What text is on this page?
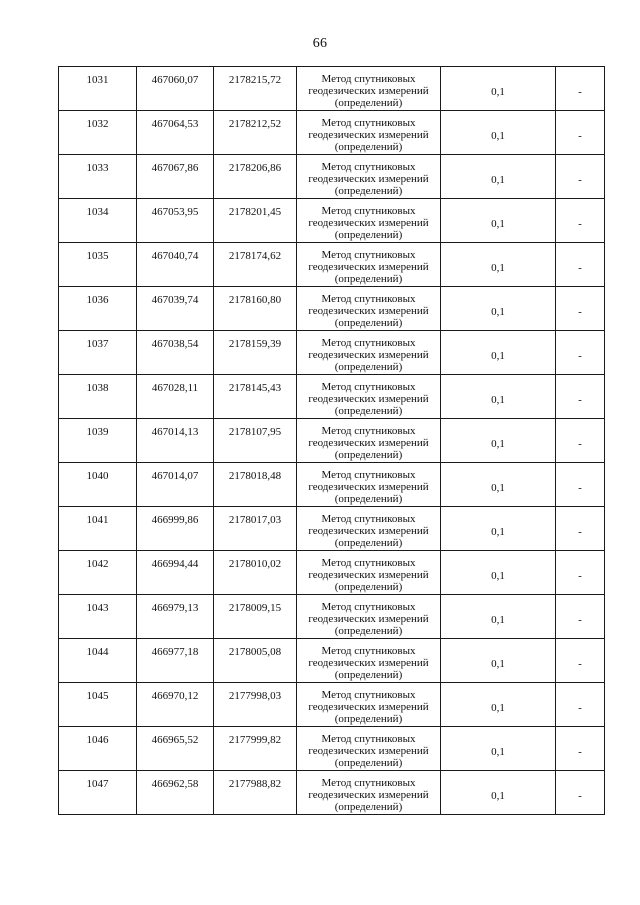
66
1031	467060,07	2178215,72	Метод спутниковых
геодезических измерений
(определений)	0,1	-
1032	467064,53	2178212,52	Метод спутниковых
геодезических измерений
(определений)	0,1	-
1033	467067,86	2178206,86	Метод спутниковых
геодезических измерений
(определений)	0,1	-
1034	467053,95	2178201,45	Метод спутниковых
геодезических измерений
(определений)	0,1	-
1035	467040,74	2178174,62	Метод спутниковых
геодезических измерений
(определений)	0,1	-
1036	467039,74	2178160,80	Метод спутниковых
геодезических измерений
(определений)	0,1	-
1037	467038,54	2178159,39	Метод спутниковых
геодезических измерений
(определений)	0,1	-
1038	467028,11	2178145,43	Метод спутниковых
геодезических измерений
(определений)	0,1	-
1039	467014,13	2178107,95	Метод спутниковых
геодезических измерений
(определений)	0,1	-
1040	467014,07	2178018,48	Метод спутниковых
геодезических измерений
(определений)	0,1	-
1041	466999,86	2178017,03	Метод спутниковых
геодезических измерений
(определений)	0,1	-
1042	466994,44	2178010,02	Метод спутниковых
геодезических измерений
(определений)	0,1	-
1043	466979,13	2178009,15	Метод спутниковых
геодезических измерений
(определений)	0,1	-
1044	466977,18	2178005,08	Метод спутниковых
геодезических измерений
(определений)	0,1	-
1045	466970,12	2177998,03	Метод спутниковых
геодезических измерений
(определений)	0,1	-
1046	466965,52	2177999,82	Метод спутниковых
геодезических измерений
(определений)	0,1	-
1047	466962,58	2177988,82	Метод спутниковых
геодезических измерений
(определений)	0,1	-
